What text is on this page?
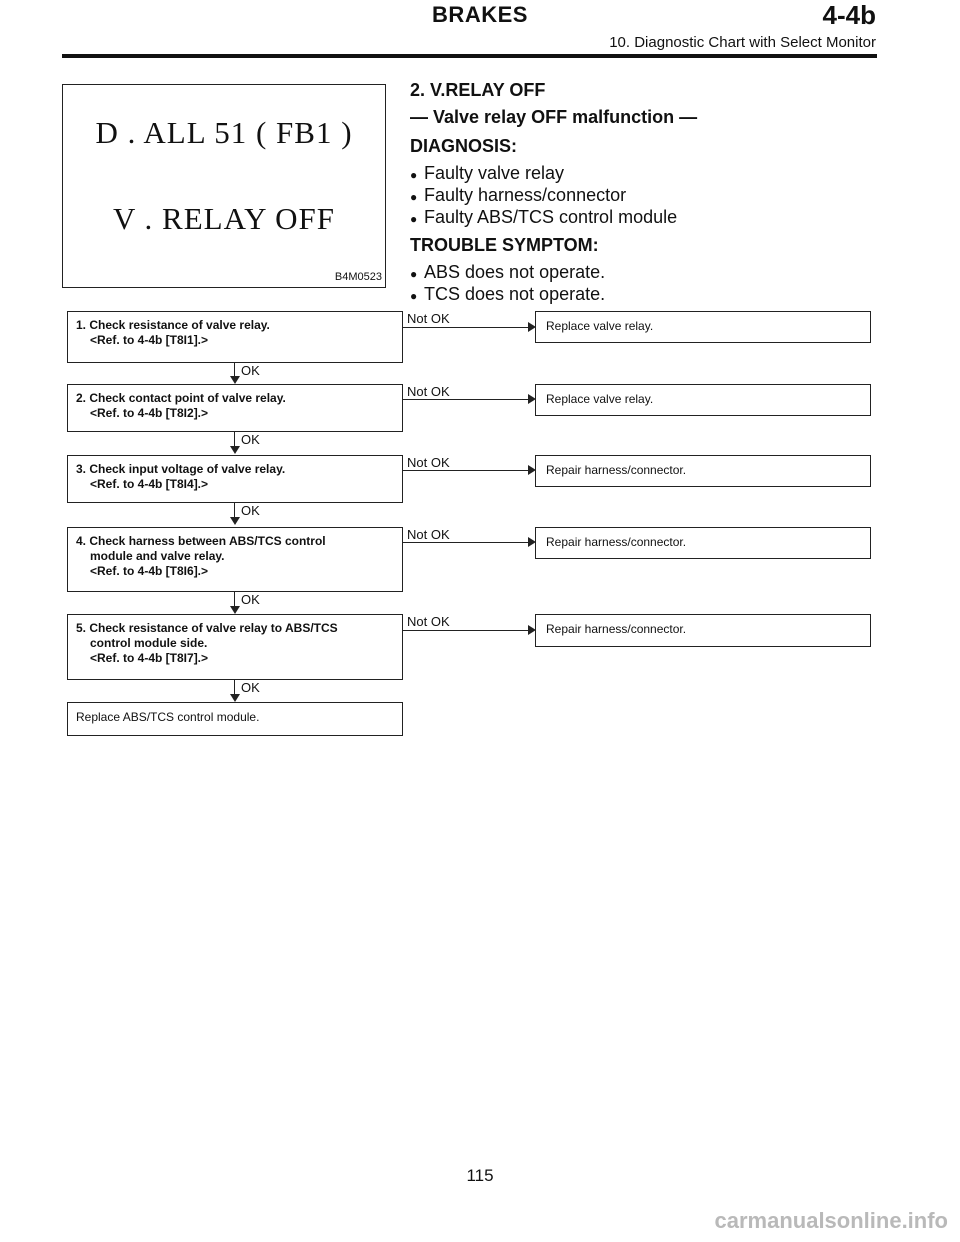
BRAKES	4-4b
10. Diagnostic Chart with Select Monitor
D . ALL 51 ( FB1 )
V . RELAY OFF
B4M0523
2. V.RELAY OFF
— Valve relay OFF malfunction —
DIAGNOSIS:
● Faulty valve relay
● Faulty harness/connector
● Faulty ABS/TCS control module
TROUBLE SYMPTOM:
● ABS does not operate.
● TCS does not operate.
1. Check resistance of valve relay.
<Ref. to 4-4b [T8I1].>
Not OK	Replace valve relay.
OK
2. Check contact point of valve relay.
<Ref. to 4-4b [T8I2].>
Not OK	Replace valve relay.
OK
3. Check input voltage of valve relay.
<Ref. to 4-4b [T8I4].>
Not OK	Repair harness/connector.
OK
4. Check harness between ABS/TCS control
module and valve relay.
<Ref. to 4-4b [T8I6].>
Not OK	Repair harness/connector.
OK
5. Check resistance of valve relay to ABS/TCS
control module side.
<Ref. to 4-4b [T8I7].>
Not OK	Repair harness/connector.
OK
Replace ABS/TCS control module.
115
carmanualsonline.info
